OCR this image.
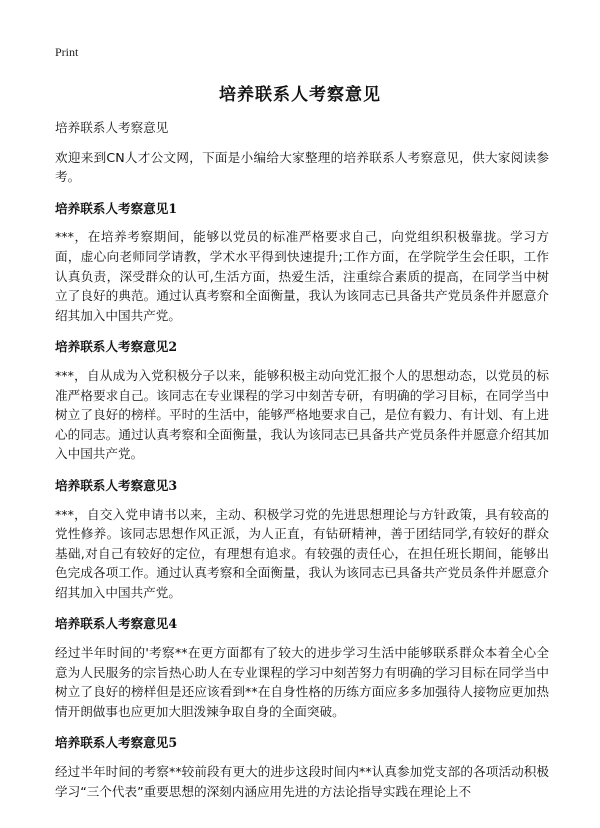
Print
培养联系人考察意见

培养联系人考察意见

欢迎来到CN人才公文网，下面是小编给大家整理的培养联系人考察意见，供大家阅读参考。

培养联系人考察意见1

***，在培养考察期间，能够以党员的标准严格要求自己，向党组织积极靠拢。学习方面，虚心向老师同学请教，学术水平得到快速提升;工作方面，在学院学生会任职，工作认真负责，深受群众的认可,生活方面，热爱生活，注重综合素质的提高，在同学当中树立了良好的典范。通过认真考察和全面衡量，我认为该同志已具备共产党员条件并愿意介绍其加入中国共产党。

培养联系人考察意见2

***，自从成为入党积极分子以来，能够积极主动向党汇报个人的思想动态，以党员的标准严格要求自己。该同志在专业课程的学习中刻苦专研，有明确的学习目标，在同学当中树立了良好的榜样。平时的生活中，能够严格地要求自己，是位有毅力、有计划、有上进心的同志。通过认真考察和全面衡量，我认为该同志已具备共产党员条件并愿意介绍其加入中国共产党。

培养联系人考察意见3

***，自交入党申请书以来，主动、积极学习党的先进思想理论与方针政策，具有较高的党性修养。该同志思想作风正派，为人正直，有钻研精神，善于团结同学,有较好的群众基础,对自己有较好的定位，有理想有追求。有较强的责任心，在担任班长期间，能够出色完成各项工作。通过认真考察和全面衡量，我认为该同志已具备共产党员条件并愿意介绍其加入中国共产党。

培养联系人考察意见4

经过半年时间的'考察**在更方面都有了较大的进步学习生活中能够联系群众本着全心全意为人民服务的宗旨热心助人在专业课程的学习中刻苦努力有明确的学习目标在同学当中树立了良好的榜样但是还应该看到**在自身性格的历练方面应多多加强待人接物应更加热情开朗做事也应更加大胆泼辣争取自身的全面突破。

培养联系人考察意见5

经过半年时间的考察**较前段有更大的进步这段时间内**认真参加党支部的各项活动积极学习“三个代表”重要思想的深刻内涵应用先进的方法论指导实践在理论上不
